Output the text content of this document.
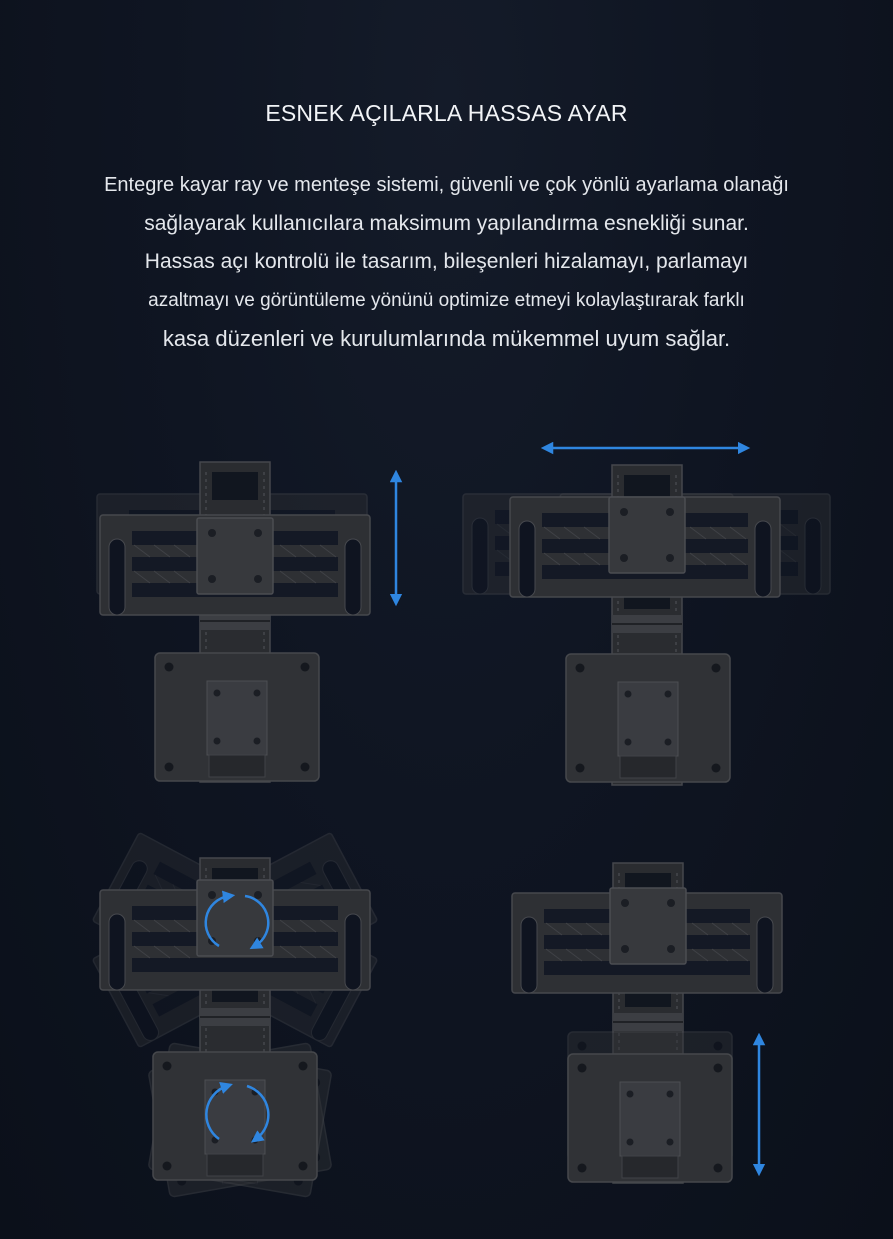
ESNEK AÇILARLA HASSAS AYAR

Entegre kayar ray ve menteşe sistemi, güvenli ve çok yönlü ayarlama olanağı
sağlayarak kullanıcılara maksimum yapılandırma esnekliği sunar.
Hassas açı kontrolü ile tasarım, bileşenleri hizalamayı, parlamayı
azaltmayı ve görüntüleme yönünü optimize etmeyi kolaylaştırarak farklı
kasa düzenleri ve kurulumlarında mükemmel uyum sağlar.
